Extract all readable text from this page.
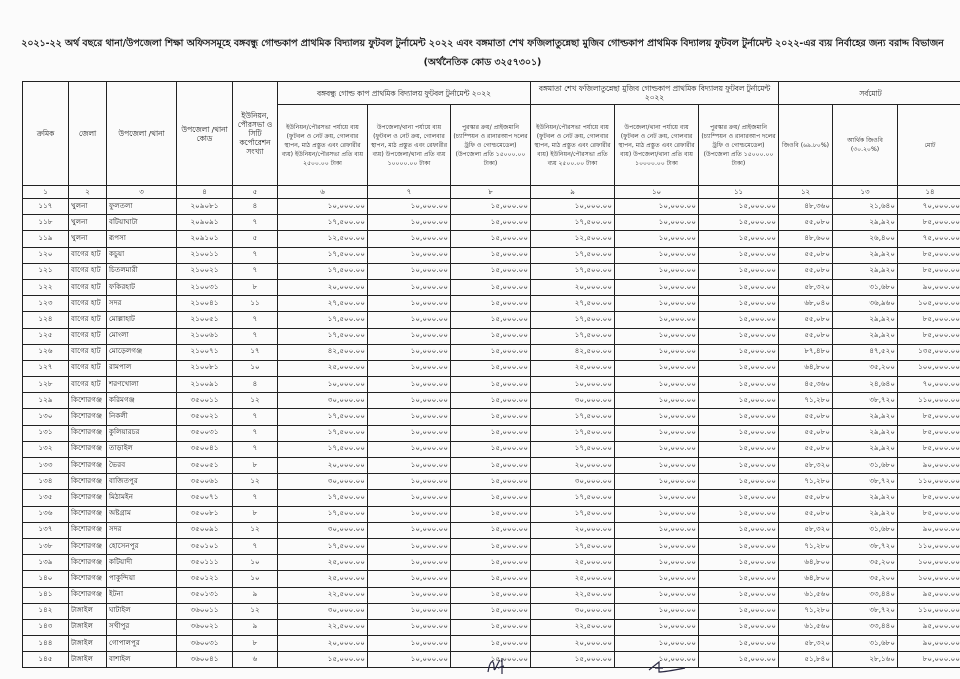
২০২১-২২ অর্থ বছরে থানা/উপজেলা শিক্ষা অফিসসমূহে বঙ্গবন্ধু গোল্ডকাপ প্রাথমিক বিদ্যালয় ফুটবল টুর্নামেন্ট ২০২২ এবং বঙ্গমাতা শেখ ফজিলাতুন্নেছা মুজিব গোল্ডকাপ প্রাথমিক বিদ্যালয় ফুটবল টুর্নামেন্ট ২০২২-এর ব্যয় নির্বাহের জন্য বরাদ্দ বিভাজন
(অর্থনৈতিক কোড ৩২৫৭৩০১)
ক্রমিক	জেলা	উপজেলা /থানা	উপজেলা /থানা কোড	ইউনিয়ন, পৌরসভা ও সিটি কর্পোরেশন সংখ্যা	বঙ্গবন্ধু গোল্ড কাপ প্রাথমিক বিদ্যালয় ফুটবল টুর্নামেন্ট ২০২২			বঙ্গমাতা শেখ ফজিলাতুন্নেছা মুজিব গোল্ডকাপ প্রাথমিক বিদ্যালয় ফুটবল টুর্নামেন্ট ২০২২			সর্বমোট		
					ইউনিয়ন/পৌরসভা পর্যায়ে ব্যয় (ফুটবল ও নেট ক্রয়, গোলবার স্থাপন, মাঠ প্রস্তুত এবং রেফারীর ব্যয়) ইউনিয়ন/পৌরসভা প্রতি ব্যয় ২৫০০.০০ টাকা	উপজেলা/থানা পর্যায়ে ব্যয় (ফুটবল ও নেট ক্রয়, গোলবার স্থাপন, মাঠ প্রস্তুত এবং রেফারীর ব্যয়) উপজেলা/থানা প্রতি ব্যয় ১০০০০.০০ টাকা	পুরস্কার ক্রয়/ প্রাইজমানি (চ্যাম্পিয়ন ও রানারআপ দলের ট্রফি ও গোল্ডমেডেল) (উপজেলা প্রতি ১৫০০০.০০ টাকা)	ইউনিয়ন/পৌরসভা পর্যায়ে ব্যয় (ফুটবল ও নেট ক্রয়, গোলবার স্থাপন, মাঠ প্রস্তুত এবং রেফারীর ব্যয়) ইউনিয়ন/পৌরসভা প্রতি ব্যয় ২৫০০.০০ টাকা	উপজেলা/থানা পর্যায়ে ব্যয় (ফুটবল ও নেট ক্রয়, গোলবার স্থাপন, মাঠ প্রস্তুত এবং রেফারীর ব্যয়) উপজেলা/থানা প্রতি ব্যয় ১০০০০.০০ টাকা	পুরস্কার ক্রয়/ প্রাইজমানি (চ্যাম্পিয়ন ও রানারআপ দলের ট্রফি ও গোল্ডমেডেল) (উপজেলা প্রতি ১৫০০০.০০ টাকা)	জিওবি (৬৯.৮০%)	আর্থিক জিওবি (৩০.২০%)	মোট
১	২	৩	৪	৫	৬	৭	৮	৯	১০	১১	১২	১৩	১৪
১১৭	খুলনা	ফুলতলা	২০৯০৮১	৪	১০,০০০.০০	১০,০০০.০০	১৫,০০০.০০	১০,০০০.০০	১০,০০০.০০	১৫,০০০.০০	৪৮,৩৬০	২১,৬৪০	৭০,০০০.০০
১১৮	খুলনা	বটিয়াঘাটা	২০৯০৯১	৭	১৭,৫০০.০০	১০,০০০.০০	১৫,০০০.০০	১৭,৫০০.০০	১০,০০০.০০	১৫,০০০.০০	৫৫,০৮০	২৯,৯২০	৮৫,০০০.০০
১১৯	খুলনা	রূপসা	২০৯১০১	৫	১২,৫০০.০০	১০,০০০.০০	১৫,০০০.০০	১২,৫০০.০০	১০,০০০.০০	১৫,০০০.০০	৪৮,৬০০	২৬,৪০০	৭৫,০০০.০০
১২০	বাগের হাট	কচুয়া	২১০০১১	৭	১৭,৫০০.০০	১০,০০০.০০	১৫,০০০.০০	১৭,৫০০.০০	১০,০০০.০০	১৫,০০০.০০	৫৫,০৮০	২৯,৯২০	৮৫,০০০.০০
১২১	বাগের হাট	চিতলমারী	২১০০২১	৭	১৭,৫০০.০০	১০,০০০.০০	১৫,০০০.০০	১৭,৫০০.০০	১০,০০০.০০	১৫,০০০.০০	৫৫,০৮০	২৯,৯২০	৮৫,০০০.০০
১২২	বাগের হাট	ফকিরহাট	২১০০৩১	৮	২০,০০০.০০	১০,০০০.০০	১৫,০০০.০০	২০,০০০.০০	১০,০০০.০০	১৫,০০০.০০	৫৮,৩২০	৩১,৬৮০	৯০,০০০.০০
১২৩	বাগের হাট	সদর	২১০০৪১	১১	২৭,৫০০.০০	১০,০০০.০০	১৫,০০০.০০	২৭,৫০০.০০	১০,০০০.০০	১৫,০০০.০০	৬৮,০৪০	৩৬,৯৬০	১০৫,০০০.০০
১২৪	বাগের হাট	মোল্লাহাট	২১০০৫১	৭	১৭,৫০০.০০	১০,০০০.০০	১৫,০০০.০০	১৭,৫০০.০০	১০,০০০.০০	১৫,০০০.০০	৫৫,০৮০	২৯,৯২০	৮৫,০০০.০০
১২৫	বাগের হাট	মোংলা	২১০০৬১	৭	১৭,৫০০.০০	১০,০০০.০০	১৫,০০০.০০	১৭,৫০০.০০	১০,০০০.০০	১৫,০০০.০০	৫৫,০৮০	২৯,৯২০	৮৫,০০০.০০
১২৬	বাগের হাট	মোড়েলগঞ্জ	২১০০৭১	১৭	৪২,৫০০.০০	১০,০০০.০০	১৫,০০০.০০	৪২,৫০০.০০	১০,০০০.০০	১৫,০০০.০০	৮৭,৪৮০	৪৭,৫২০	১৩৫,০০০.০০
১২৭	বাগের হাট	রামপাল	২১০০৮১	১০	২৫,০০০.০০	১০,০০০.০০	১৫,০০০.০০	২৫,০০০.০০	১০,০০০.০০	১৫,০০০.০০	৬৪,৮০০	৩৫,২০০	১০০,০০০.০০
১২৮	বাগের হাট	শরণখোলা	২১০০৯১	৪	১০,০০০.০০	১০,০০০.০০	১৫,০০০.০০	১০,০০০.০০	১০,০০০.০০	১৫,০০০.০০	৪৫,৩৬০	২৪,৬৪০	৭০,০০০.০০
১২৯	কিশোরগঞ্জ	করিমগঞ্জ	৩৫০০১১	১২	৩০,০০০.০০	১০,০০০.০০	১৫,০০০.০০	৩০,০০০.০০	১০,০০০.০০	১৫,০০০.০০	৭১,২৮০	৩৮,৭২০	১১০,০০০.০০
১৩০	কিশোরগঞ্জ	নিকলী	৩৫০০২১	৭	১৭,৫০০.০০	১০,০০০.০০	১৫,০০০.০০	১৭,৫০০.০০	১০,০০০.০০	১৫,০০০.০০	৫৫,০৮০	২৯,৯২০	৮৫,০০০.০০
১৩১	কিশোরগঞ্জ	কুলিয়ারচর	৩৫০০৩১	৭	১৭,৫০০.০০	১০,০০০.০০	১৫,০০০.০০	১৭,৫০০.০০	১০,০০০.০০	১৫,০০০.০০	৫৫,০৮০	২৯,৯২০	৮৫,০০০.০০
১৩২	কিশোরগঞ্জ	তাড়াইল	৩৫০০৪১	৭	১৭,৫০০.০০	১০,০০০.০০	১৫,০০০.০০	১৭,৫০০.০০	১০,০০০.০০	১৫,০০০.০০	৫৫,০৮০	২৯,৯২০	৮৫,০০০.০০
১৩৩	কিশোরগঞ্জ	ভৈরব	৩৫০০৫১	৮	২০,০০০.০০	১০,০০০.০০	১৫,০০০.০০	২০,০০০.০০	১০,০০০.০০	১৫,০০০.০০	৫৮,৩২০	৩১,৬৮০	৯০,০০০.০০
১৩৪	কিশোরগঞ্জ	বাজিতপুর	৩৫০০৬১	১২	৩০,০০০.০০	১০,০০০.০০	১৫,০০০.০০	৩০,০০০.০০	১০,০০০.০০	১৫,০০০.০০	৭১,২৮০	৩৮,৭২০	১১০,০০০.০০
১৩৫	কিশোরগঞ্জ	মিঠামইন	৩৫০০৭১	৭	১৭,৫০০.০০	১০,০০০.০০	১৫,০০০.০০	১৭,৫০০.০০	১০,০০০.০০	১৫,০০০.০০	৫৫,০৮০	২৯,৯২০	৮৫,০০০.০০
১৩৬	কিশোরগঞ্জ	অষ্টগ্রাম	৩৫০০৮১	৮	১৭,৫০০.০০	১০,০০০.০০	১৫,০০০.০০	১৭,৫০০.০০	১০,০০০.০০	১৫,০০০.০০	৫৫,০৮০	২৯,৯২০	৮৫,০০০.০০
১৩৭	কিশোরগঞ্জ	সদর	৩৫০০৯১	১২	৩০,০০০.০০	১০,০০০.০০	১৫,০০০.০০	২০,০০০.০০	১০,০০০.০০	১৫,০০০.০০	৫৮,৩২০	৩১,৬৮০	৯০,০০০.০০
১৩৮	কিশোরগঞ্জ	হোসেনপুর	৩৫০১০১	৭	১৭,৫০০.০০	১০,০০০.০০	১৫,০০০.০০	১৭,৫০০.০০	১০,০০০.০০	১৫,০০০.০০	৭১,২৮০	৩৮,৭২০	১১০,০০০.০০
১৩৯	কিশোরগঞ্জ	কটিয়াদী	৩৫০১১১	১০	২৫,০০০.০০	১০,০০০.০০	১৫,০০০.০০	২৫,০০০.০০	১০,০০০.০০	১৫,০০০.০০	৬৪,৮০০	৩৫,২০০	১০০,০০০.০০
১৪০	কিশোরগঞ্জ	পাকুন্দিয়া	৩৫০১২১	১০	২৫,০০০.০০	১০,০০০.০০	১৫,০০০.০০	২৫,০০০.০০	১০,০০০.০০	১৫,০০০.০০	৬৪,৮০০	৩৫,২০০	১০০,০০০.০০
১৪১	কিশোরগঞ্জ	ইটনা	৩৫০১৩১	৯	২২,৫০০.০০	১০,০০০.০০	১৫,০০০.০০	২২,৫০০.০০	১০,০০০.০০	১৫,০০০.০০	৬১,৫৬০	৩৩,৪৪০	৯৫,০০০.০০
১৪২	টাঙ্গাইল	ঘাটাইল	৩৬০০১১	১২	৩০,০০০.০০	১০,০০০.০০	১৫,০০০.০০	৩০,০০০.০০	১০,০০০.০০	১৫,০০০.০০	৭১,২৮০	৩৮,৭২০	১১০,০০০.০০
১৪৩	টাঙ্গাইল	সখীপুর	৩৬০০২১	৯	২২,৫০০.০০	১০,০০০.০০	১৫,০০০.০০	২২,৫০০.০০	১০,০০০.০০	১৫,০০০.০০	৬১,৫৬০	৩৩,৪৪০	৯৫,০০০.০০
১৪৪	টাঙ্গাইল	গোপালপুর	৩৬০০৩১	৮	২০,০০০.০০	১০,০০০.০০	১৫,০০০.০০	২০,০০০.০০	১০,০০০.০০	১৫,০০০.০০	৫৮,৩২০	৩১,৬৮০	৯০,০০০.০০
১৪৫	টাঙ্গাইল	বাশাইল	৩৬০০৪১	৬	১৫,০০০.০০	১০,০০০.০০	১৫,০০০.০০	১৫,০০০.০০	১০,০০০.০০	১৫,০০০.০০	৫১,৮৪০	২৮,১৬০	৮০,০০০.০০
